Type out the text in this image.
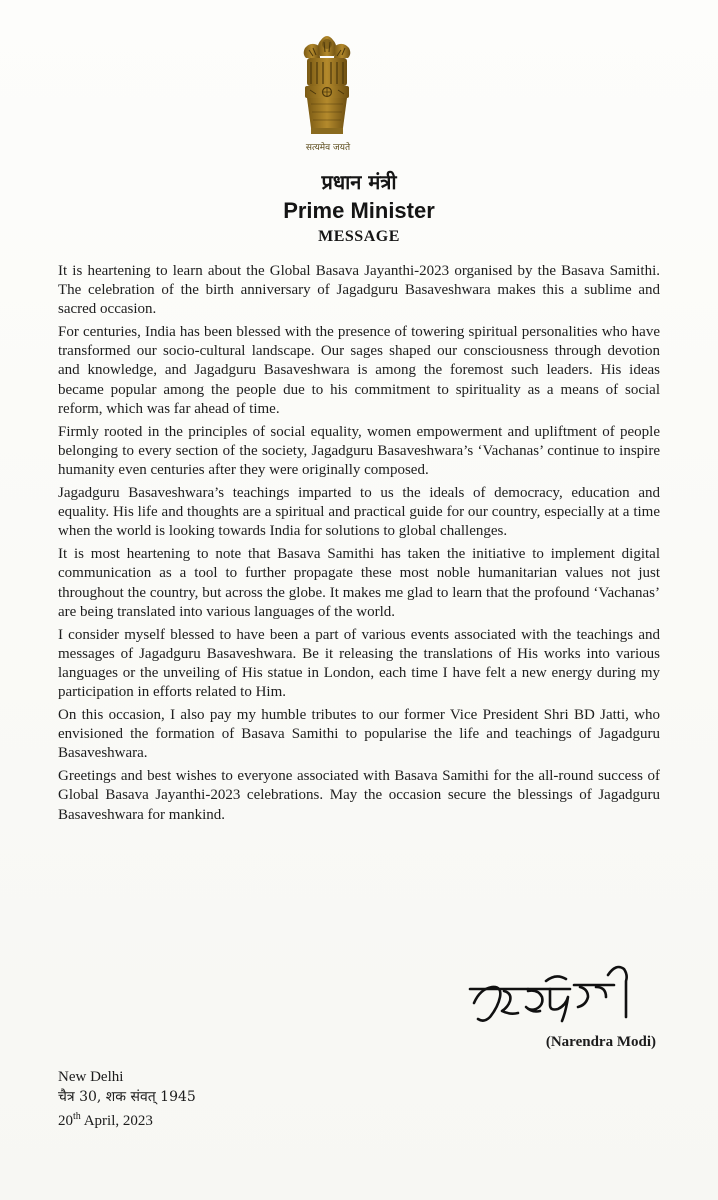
सत्यमेव जयते
प्रधान मंत्री
Prime Minister
MESSAGE

It is heartening to learn about the Global Basava Jayanthi-2023 organised by the Basava Samithi. The celebration of the birth anniversary of Jagadguru Basaveshwara makes this a sublime and sacred occasion.

For centuries, India has been blessed with the presence of towering spiritual personalities who have transformed our socio-cultural landscape. Our sages shaped our consciousness through devotion and knowledge, and Jagadguru Basaveshwara is among the foremost such leaders. His ideas became popular among the people due to his commitment to spirituality as a means of social reform, which was far ahead of time.

Firmly rooted in the principles of social equality, women empowerment and upliftment of people belonging to every section of the society, Jagadguru Basaveshwara’s ‘Vachanas’ continue to inspire humanity even centuries after they were originally composed.

Jagadguru Basaveshwara’s teachings imparted to us the ideals of democracy, education and equality. His life and thoughts are a spiritual and practical guide for our country, especially at a time when the world is looking towards India for solutions to global challenges.

It is most heartening to note that Basava Samithi has taken the initiative to implement digital communication as a tool to further propagate these most noble humanitarian values not just throughout the country, but across the globe. It makes me glad to learn that the profound ‘Vachanas’ are being translated into various languages of the world.

I consider myself blessed to have been a part of various events associated with the teachings and messages of Jagadguru Basaveshwara. Be it releasing the translations of His works into various languages or the unveiling of His statue in London, each time I have felt a new energy during my participation in efforts related to Him.

On this occasion, I also pay my humble tributes to our former Vice President Shri BD Jatti, who envisioned the formation of Basava Samithi to popularise the life and teachings of Jagadguru Basaveshwara.

Greetings and best wishes to everyone associated with Basava Samithi for the all-round success of Global Basava Jayanthi-2023 celebrations. May the occasion secure the blessings of Jagadguru Basaveshwara for mankind.

(Narendra Modi)
New Delhi
चैत्र 30, शक संवत् 1945
20th April, 2023
